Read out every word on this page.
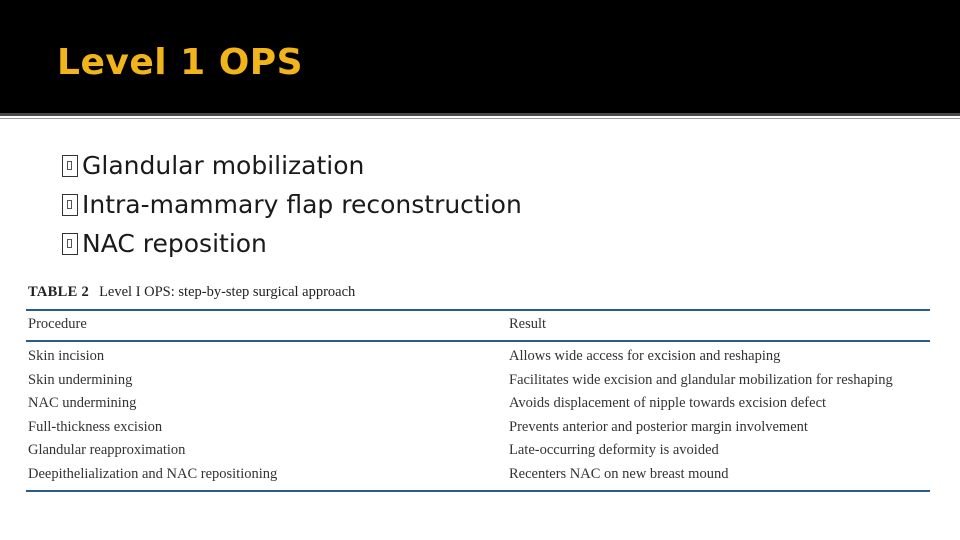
Level 1 OPS
Glandular mobilization
Intra-mammary flap reconstruction
NAC reposition
TABLE 2 Level I OPS: step-by-step surgical approach
Procedure	Result
Skin incision	Allows wide access for excision and reshaping
Skin undermining	Facilitates wide excision and glandular mobilization for reshaping
NAC undermining	Avoids displacement of nipple towards excision defect
Full-thickness excision	Prevents anterior and posterior margin involvement
Glandular reapproximation	Late-occurring deformity is avoided
Deepithelialization and NAC repositioning	Recenters NAC on new breast mound
